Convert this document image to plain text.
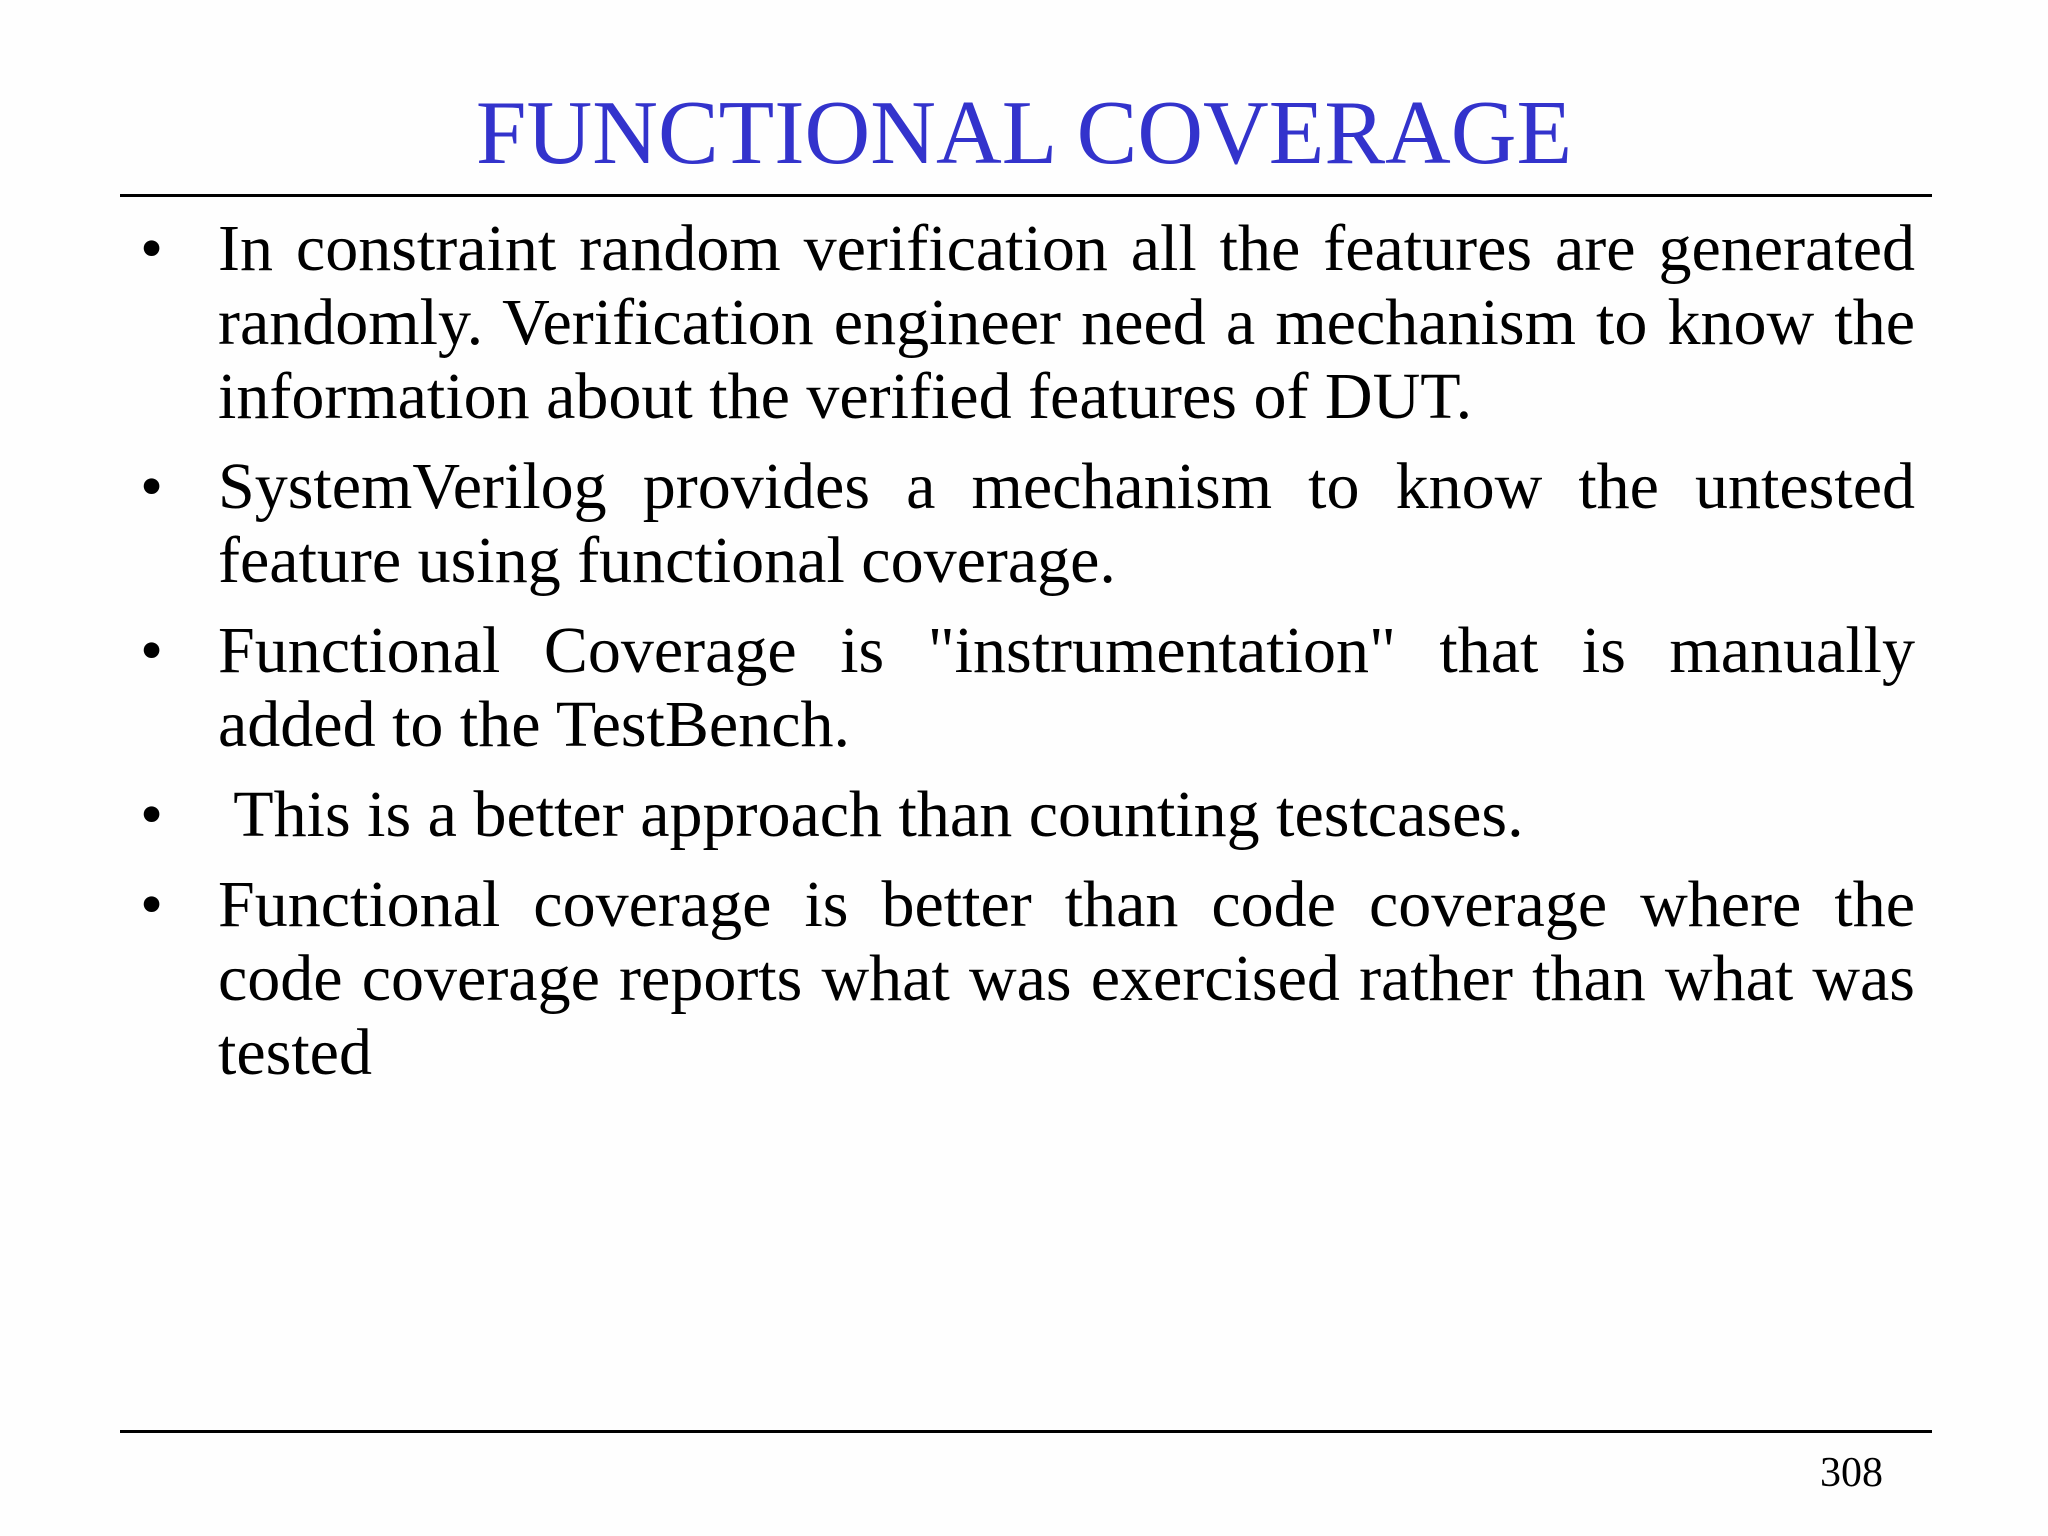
FUNCTIONAL COVERAGE
• In constraint random verification all the features are generated randomly. Verification engineer need a mechanism to know the information about the verified features of DUT.
• SystemVerilog provides a mechanism to know the untested feature using functional coverage.
• Functional Coverage is "instrumentation" that is manually added to the TestBench.
• This is a better approach than counting testcases.
• Functional coverage is better than code coverage where the code coverage reports what was exercised rather than what was tested
308
